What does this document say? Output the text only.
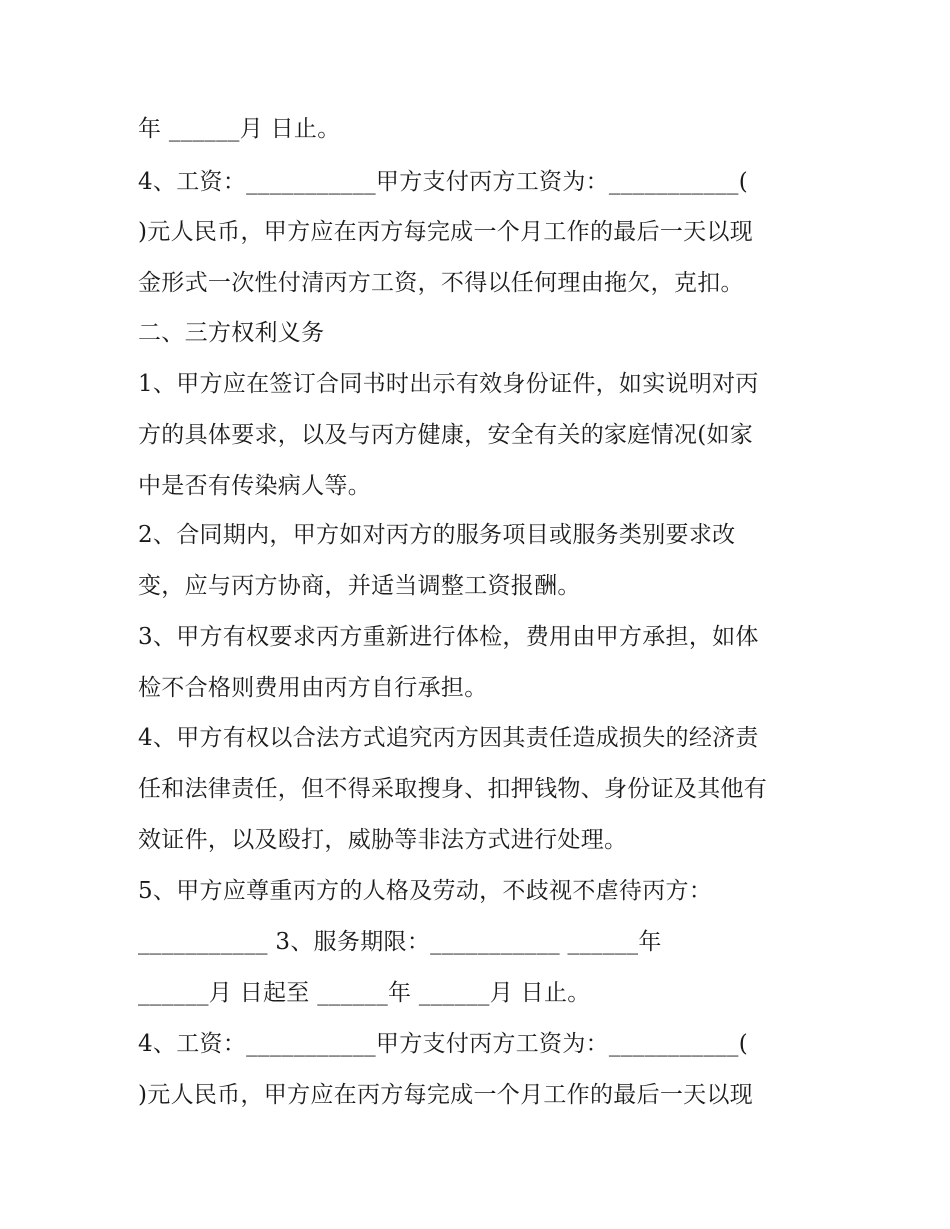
年 ______月 日止。
4、工资：___________甲方支付丙方工资为：___________(
)元人民币，甲方应在丙方每完成一个月工作的最后一天以现
金形式一次性付清丙方工资，不得以任何理由拖欠，克扣。
二、三方权利义务
1、甲方应在签订合同书时出示有效身份证件，如实说明对丙
方的具体要求，以及与丙方健康，安全有关的家庭情况(如家
中是否有传染病人等。
2、合同期内，甲方如对丙方的服务项目或服务类别要求改
变，应与丙方协商，并适当调整工资报酬。
3、甲方有权要求丙方重新进行体检，费用由甲方承担，如体
检不合格则费用由丙方自行承担。
4、甲方有权以合法方式追究丙方因其责任造成损失的经济责
任和法律责任，但不得采取搜身、扣押钱物、身份证及其他有
效证件，以及殴打，威胁等非法方式进行处理。
5、甲方应尊重丙方的人格及劳动，不歧视不虐待丙方：
___________ 3、服务期限：___________ ______年
______月 日起至 ______年 ______月 日止。
4、工资：___________甲方支付丙方工资为：___________(
)元人民币，甲方应在丙方每完成一个月工作的最后一天以现
